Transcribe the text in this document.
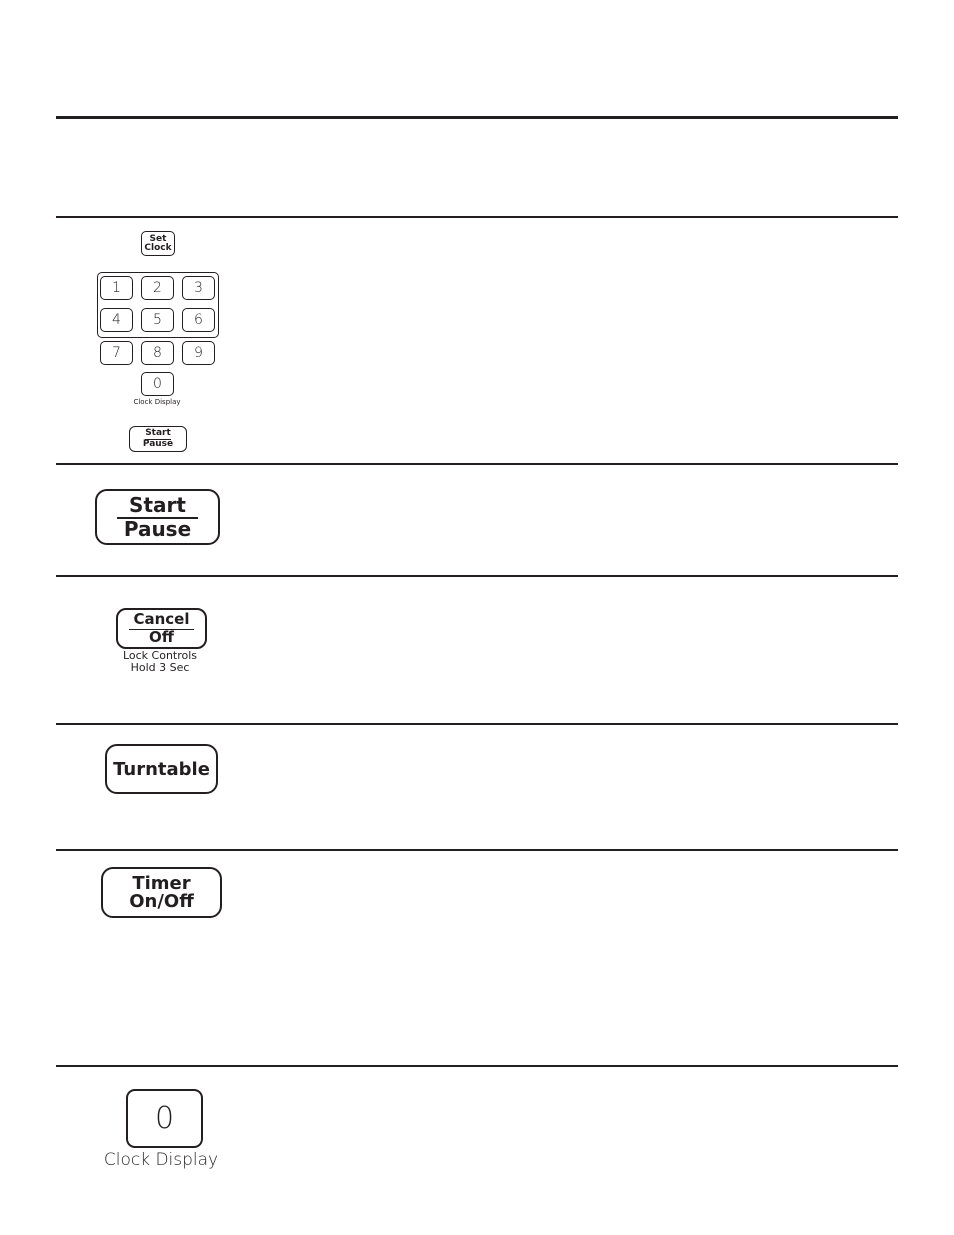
Set
Clock
1 2 3
4 5 6
7 8 9
0
Clock Display
Start
Pause
Start
Pause
Cancel
Off
Lock Controls
Hold 3 Sec
Turntable
Timer
On/Off
0
Clock Display
